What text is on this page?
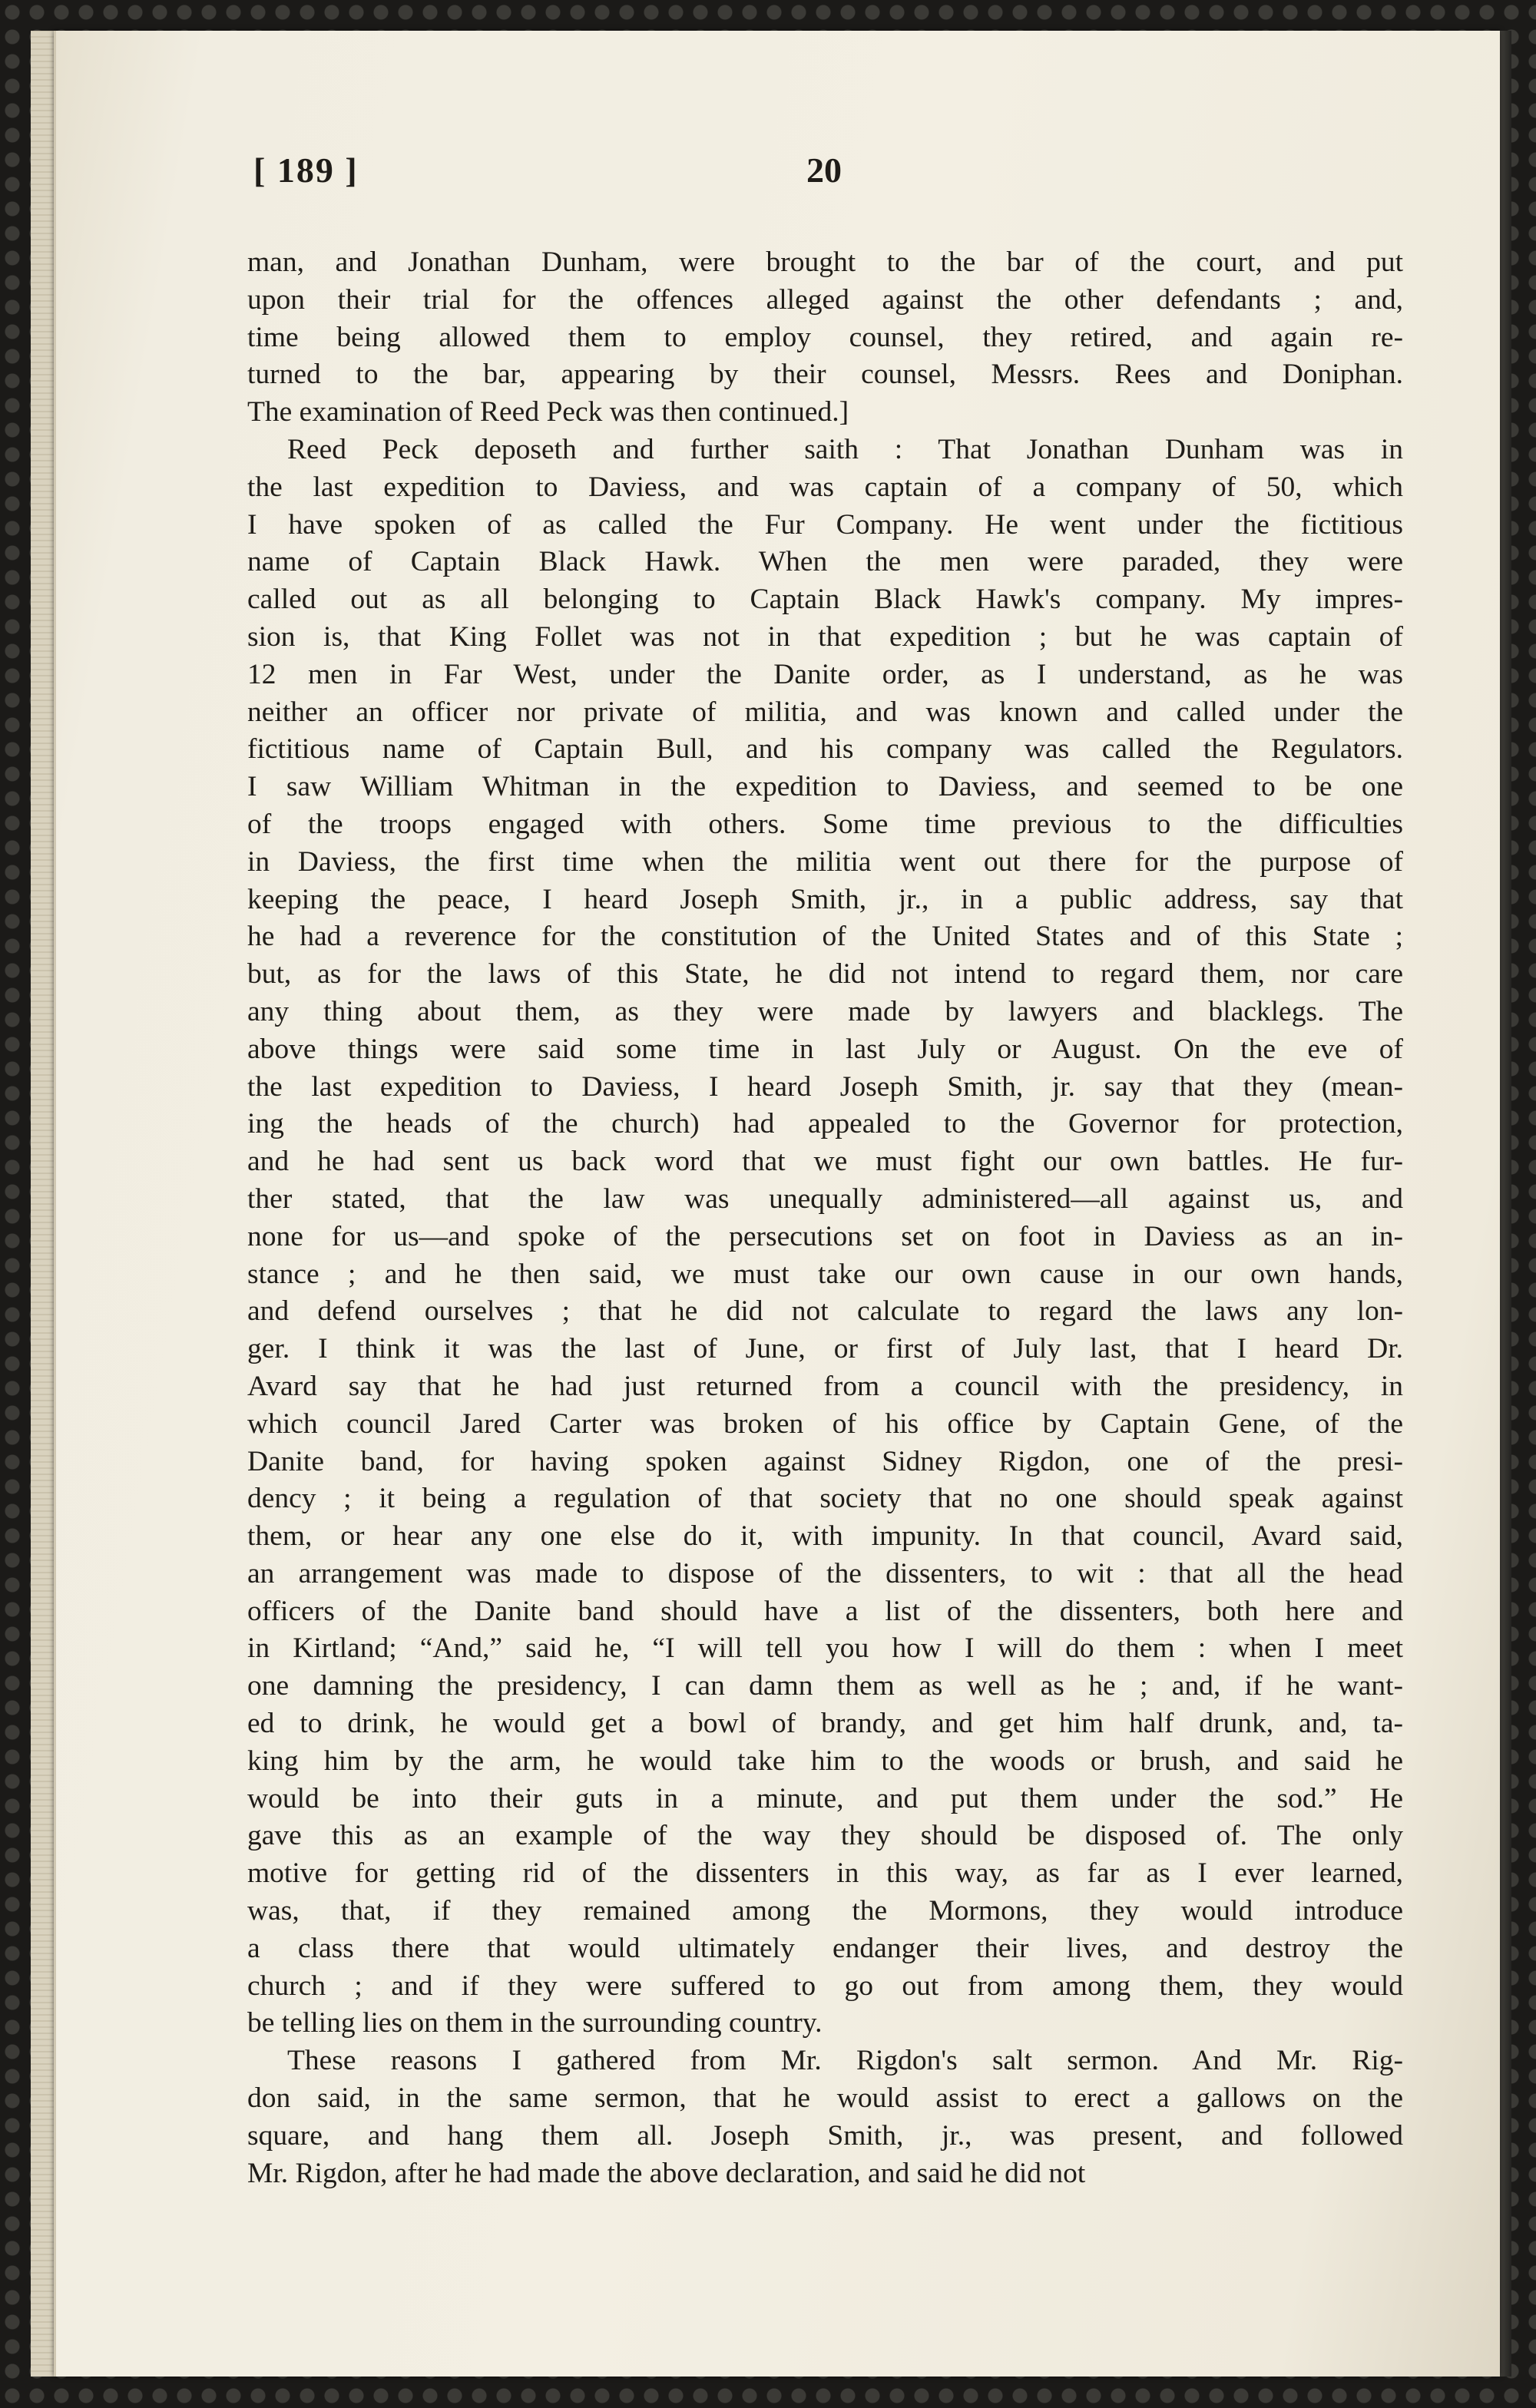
[ 189 ]	20
man, and Jonathan Dunham, were brought to the bar of the court, and put
upon their trial for the offences alleged against the other defendants ; and,
time being allowed them to employ counsel, they retired, and again re-
turned to the bar, appearing by their counsel, Messrs. Rees and Doniphan.
The examination of Reed Peck was then continued.]
Reed Peck deposeth and further saith : That Jonathan Dunham was in
the last expedition to Daviess, and was captain of a company of 50, which
I have spoken of as called the Fur Company. He went under the fictitious
name of Captain Black Hawk. When the men were paraded, they were
called out as all belonging to Captain Black Hawk's company. My impres-
sion is, that King Follet was not in that expedition ; but he was captain of
12 men in Far West, under the Danite order, as I understand, as he was
neither an officer nor private of militia, and was known and called under the
fictitious name of Captain Bull, and his company was called the Regulators.
I saw William Whitman in the expedition to Daviess, and seemed to be one
of the troops engaged with others. Some time previous to the difficulties
in Daviess, the first time when the militia went out there for the purpose of
keeping the peace, I heard Joseph Smith, jr., in a public address, say that
he had a reverence for the constitution of the United States and of this State ;
but, as for the laws of this State, he did not intend to regard them, nor care
any thing about them, as they were made by lawyers and blacklegs. The
above things were said some time in last July or August. On the eve of
the last expedition to Daviess, I heard Joseph Smith, jr. say that they (mean-
ing the heads of the church) had appealed to the Governor for protection,
and he had sent us back word that we must fight our own battles. He fur-
ther stated, that the law was unequally administered—all against us, and
none for us—and spoke of the persecutions set on foot in Daviess as an in-
stance ; and he then said, we must take our own cause in our own hands,
and defend ourselves ; that he did not calculate to regard the laws any lon-
ger. I think it was the last of June, or first of July last, that I heard Dr.
Avard say that he had just returned from a council with the presidency, in
which council Jared Carter was broken of his office by Captain Gene, of the
Danite band, for having spoken against Sidney Rigdon, one of the presi-
dency ; it being a regulation of that society that no one should speak against
them, or hear any one else do it, with impunity. In that council, Avard said,
an arrangement was made to dispose of the dissenters, to wit : that all the head
officers of the Danite band should have a list of the dissenters, both here and
in Kirtland; “And,” said he, “I will tell you how I will do them : when I meet
one damning the presidency, I can damn them as well as he ; and, if he want-
ed to drink, he would get a bowl of brandy, and get him half drunk, and, ta-
king him by the arm, he would take him to the woods or brush, and said he
would be into their guts in a minute, and put them under the sod.” He
gave this as an example of the way they should be disposed of. The only
motive for getting rid of the dissenters in this way, as far as I ever learned,
was, that, if they remained among the Mormons, they would introduce
a class there that would ultimately endanger their lives, and destroy the
church ; and if they were suffered to go out from among them, they would
be telling lies on them in the surrounding country.
These reasons I gathered from Mr. Rigdon's salt sermon. And Mr. Rig-
don said, in the same sermon, that he would assist to erect a gallows on the
square, and hang them all. Joseph Smith, jr., was present, and followed
Mr. Rigdon, after he had made the above declaration, and said he did not
